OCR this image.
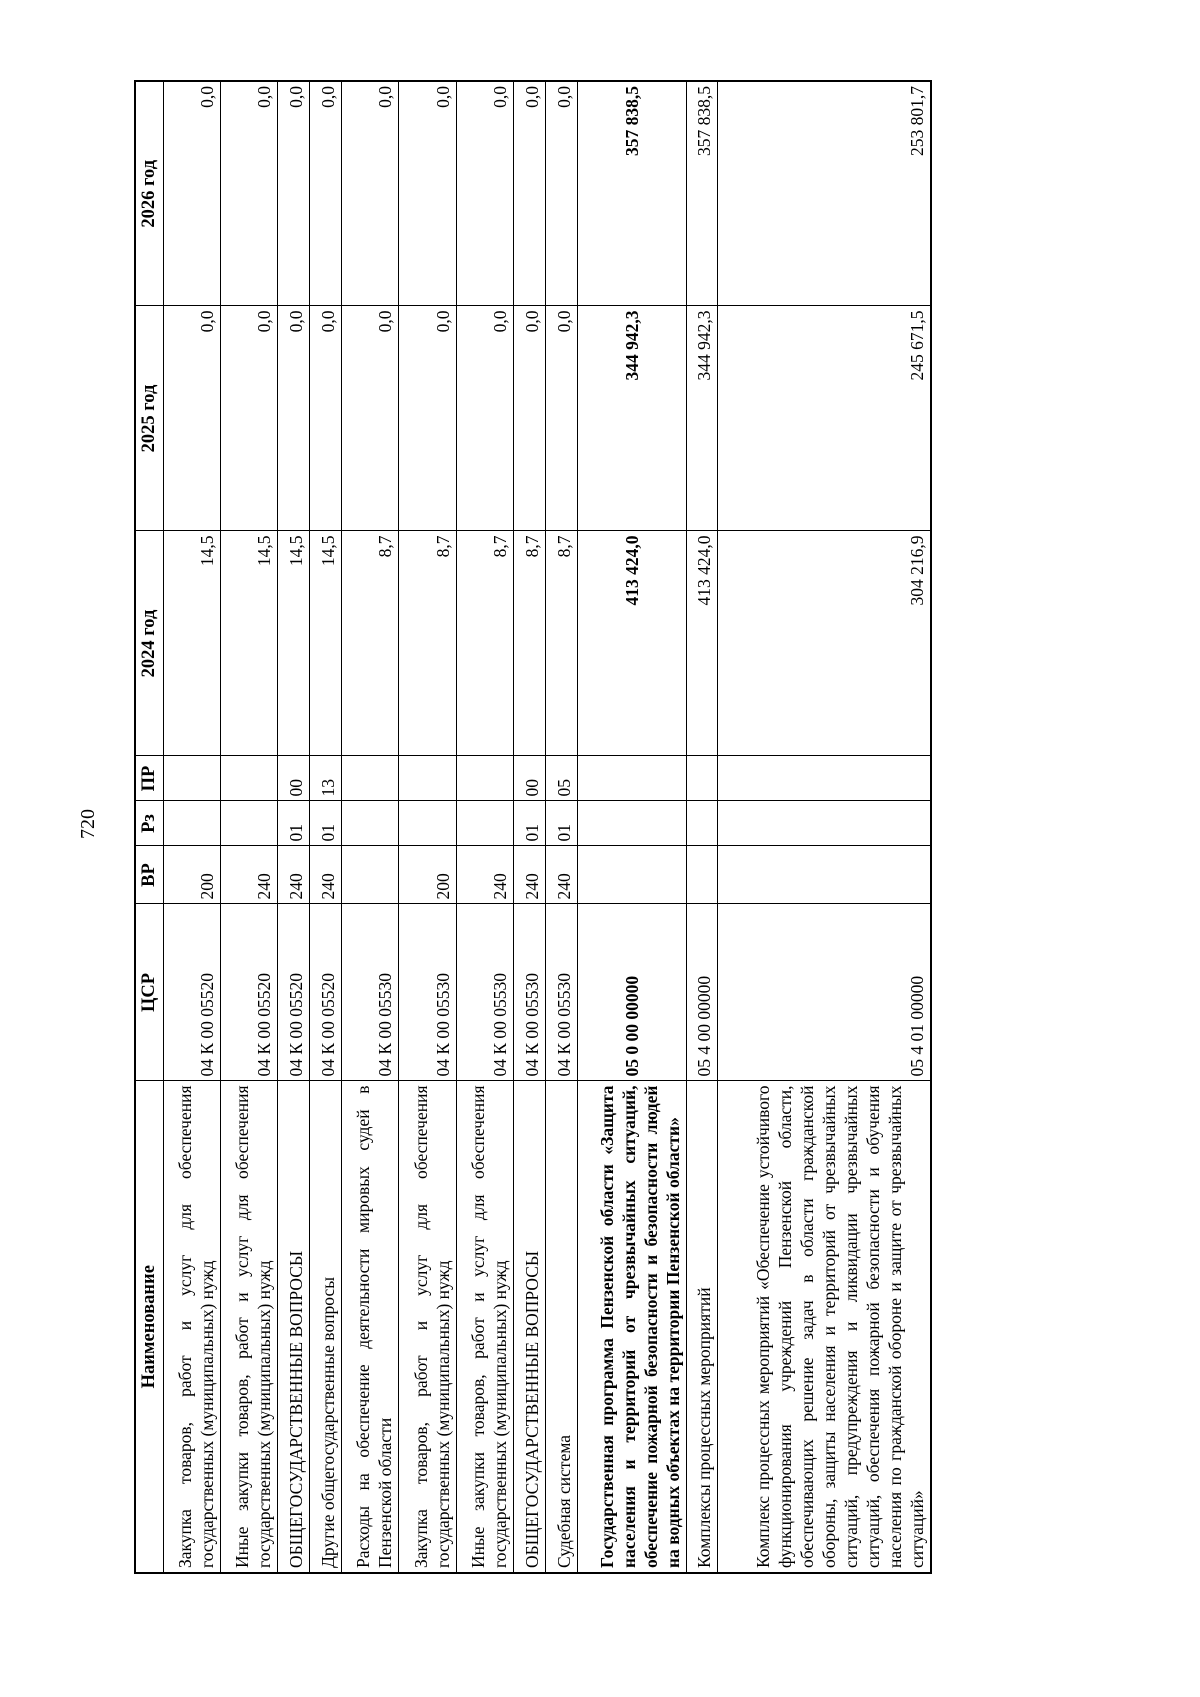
720
Наименование	ЦСР	ВР	Рз	ПР	2024 год	2025 год	2026 год
Закупка товаров, работ и услуг для обеспечения государственных (муниципальных) нужд	04 К 00 05520	200			14,5	0,0	0,0
Иные закупки товаров, работ и услуг для обеспечения государственных (муниципальных) нужд	04 К 00 05520	240			14,5	0,0	0,0
ОБЩЕГОСУДАРСТВЕННЫЕ ВОПРОСЫ	04 К 00 05520	240	01	00	14,5	0,0	0,0
Другие общегосударственные вопросы	04 К 00 05520	240	01	13	14,5	0,0	0,0
Расходы на обеспечение деятельности мировых судей в Пензенской области	04 К 00 05530				8,7	0,0	0,0
Закупка товаров, работ и услуг для обеспечения государственных (муниципальных) нужд	04 К 00 05530	200			8,7	0,0	0,0
Иные закупки товаров, работ и услуг для обеспечения государственных (муниципальных) нужд	04 К 00 05530	240			8,7	0,0	0,0
ОБЩЕГОСУДАРСТВЕННЫЕ ВОПРОСЫ	04 К 00 05530	240	01	00	8,7	0,0	0,0
Судебная система	04 К 00 05530	240	01	05	8,7	0,0	0,0
Государственная программа Пензенской области «Защита населения и территорий от чрезвычайных ситуаций, обеспечение пожарной безопасности и безопасности людей на водных объектах на территории Пензенской области»	05 0 00 00000				413 424,0	344 942,3	357 838,5
Комплексы процессных мероприятий	05 4 00 00000				413 424,0	344 942,3	357 838,5
Комплекс процессных мероприятий «Обеспечение устойчивого функционирования учреждений Пензенской области, обеспечивающих решение задач в области гражданской обороны, защиты населения и территорий от чрезвычайных ситуаций, предупреждения и ликвидации чрезвычайных ситуаций, обеспечения пожарной безопасности и обучения населения по гражданской обороне и защите от чрезвычайных ситуаций»	05 4 01 00000				304 216,9	245 671,5	253 801,7
